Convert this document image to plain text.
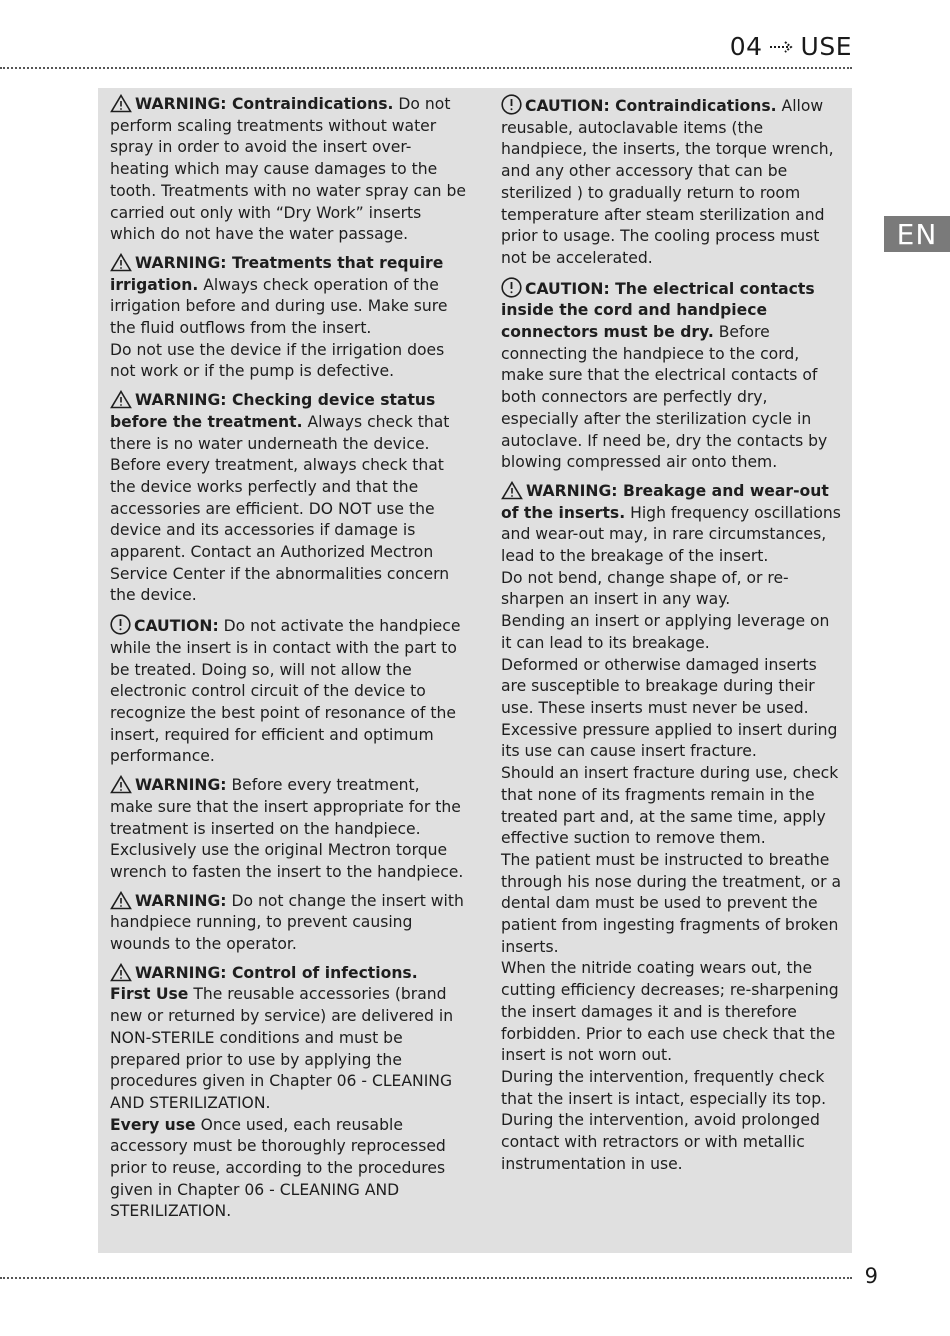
04 USE
EN

WARNING: Contraindications. Do not perform scaling treatments without water spray in order to avoid the insert over-heating which may cause damages to the tooth. Treatments with no water spray can be carried out only with “Dry Work” inserts which do not have the water passage.

WARNING: Treatments that require irrigation. Always check operation of the irrigation before and during use. Make sure the fluid outflows from the insert.

Do not use the device if the irrigation does not work or if the pump is defective.

WARNING: Checking device status before the treatment. Always check that there is no water underneath the device. Before every treatment, always check that the device works perfectly and that the accessories are efficient. DO NOT use the device and its accessories if damage is apparent. Contact an Authorized Mectron Service Center if the abnormalities concern the device.

CAUTION: Do not activate the handpiece while the insert is in contact with the part to be treated. Doing so, will not allow the electronic control circuit of the device to recognize the best point of resonance of the insert, required for efficient and optimum performance.

WARNING: Before every treatment, make sure that the insert appropriate for the treatment is inserted on the handpiece. Exclusively use the original Mectron torque wrench to fasten the insert to the handpiece.

WARNING: Do not change the insert with handpiece running, to prevent causing wounds to the operator.

WARNING: Control of infections.

First Use The reusable accessories (brand new or returned by service) are delivered in NON-STERILE conditions and must be prepared prior to use by applying the procedures given in Chapter 06 - CLEANING AND STERILIZATION.

Every use Once used, each reusable accessory must be thoroughly reprocessed prior to reuse, according to the procedures given in Chapter 06 - CLEANING AND STERILIZATION.

CAUTION: Contraindications. Allow reusable, autoclavable items (the handpiece, the inserts, the torque wrench, and any other accessory that can be sterilized ) to gradually return to room temperature after steam sterilization and prior to usage. The cooling process must not be accelerated.

CAUTION: The electrical contacts inside the cord and handpiece connectors must be dry. Before connecting the handpiece to the cord, make sure that the electrical contacts of both connectors are perfectly dry, especially after the sterilization cycle in autoclave. If need be, dry the contacts by blowing compressed air onto them.

WARNING: Breakage and wear-out of the inserts. High frequency oscillations and wear-out may, in rare circumstances, lead to the breakage of the insert.

Do not bend, change shape of, or re-sharpen an insert in any way.

Bending an insert or applying leverage on it can lead to its breakage.

Deformed or otherwise damaged inserts are susceptible to breakage during their use. These inserts must never be used.

Excessive pressure applied to insert during its use can cause insert fracture.

Should an insert fracture during use, check that none of its fragments remain in the treated part and, at the same time, apply effective suction to remove them.

The patient must be instructed to breathe through his nose during the treatment, or a dental dam must be used to prevent the patient from ingesting fragments of broken inserts.

When the nitride coating wears out, the cutting efficiency decreases; re-sharpening the insert damages it and is therefore forbidden. Prior to each use check that the insert is not worn out.

During the intervention, frequently check that the insert is intact, especially its top.

During the intervention, avoid prolonged contact with retractors or with metallic instrumentation in use.

9
